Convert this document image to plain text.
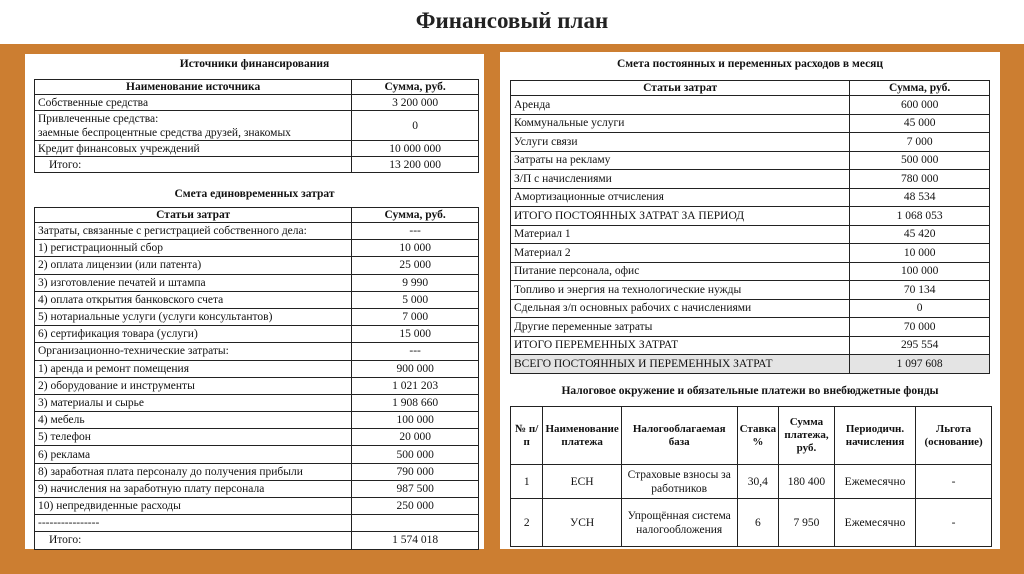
Финансовый план
Источники финансирования
Наименование источника	Сумма, руб.
Собственные средства	3 200 000
Привлеченные средства:
заемные беспроцентные средства друзей, знакомых	0
Кредит финансовых учреждений	10 000 000
Итого:	13 200 000
Смета единовременных затрат
Статьи затрат	Сумма, руб.
Затраты, связанные с регистрацией собственного дела:	---
1) регистрационный сбор	10 000
2) оплата лицензии (или патента)	25 000
3) изготовление печатей и штампа	9 990
4) оплата открытия банковского счета	5 000
5) нотариальные услуги (услуги консультантов)	7 000
6) сертификация товара (услуги)	15 000
Организационно-технические затраты:	---
1) аренда и ремонт помещения	900 000
2) оборудование и инструменты	1 021 203
3) материалы и сырье	1 908 660
4) мебель	100 000
5) телефон	20 000
6) реклама	500 000
8) заработная плата персоналу до получения прибыли	790 000
9) начисления на заработную плату персонала	987 500
10) непредвиденные расходы	250 000
----------------	
Итого:	1 574 018
Смета постоянных и переменных расходов в месяц
Статьи затрат	Сумма, руб.
Аренда	600 000
Коммунальные услуги	45 000
Услуги связи	7 000
Затраты на рекламу	500 000
З/П с начислениями	780 000
Амортизационные отчисления	48 534
ИТОГО ПОСТОЯННЫХ ЗАТРАТ ЗА ПЕРИОД	1 068 053
Материал 1	45 420
Материал 2	10 000
Питание персонала, офис	100 000
Топливо и энергия на технологические нужды	70 134
Сдельная з/п основных рабочих с начислениями	0
Другие переменные затраты	70 000
ИТОГО ПЕРЕМЕННЫХ ЗАТРАТ	295 554
ВСЕГО ПОСТОЯННЫХ И ПЕРЕМЕННЫХ ЗАТРАТ	1 097 608
Налоговое окружение и обязательные платежи во внебюджетные фонды
№ п/п	Наименование платежа	Налогооблагаемая база	Ставка %	Сумма платежа, руб.	Периодичн. начисления	Льгота (основание)
1	ЕСН	Страховые взносы за работников	30,4	180 400	Ежемесячно	-
2	УСН	Упрощённая система налогообложения	6	7 950	Ежемесячно	-
